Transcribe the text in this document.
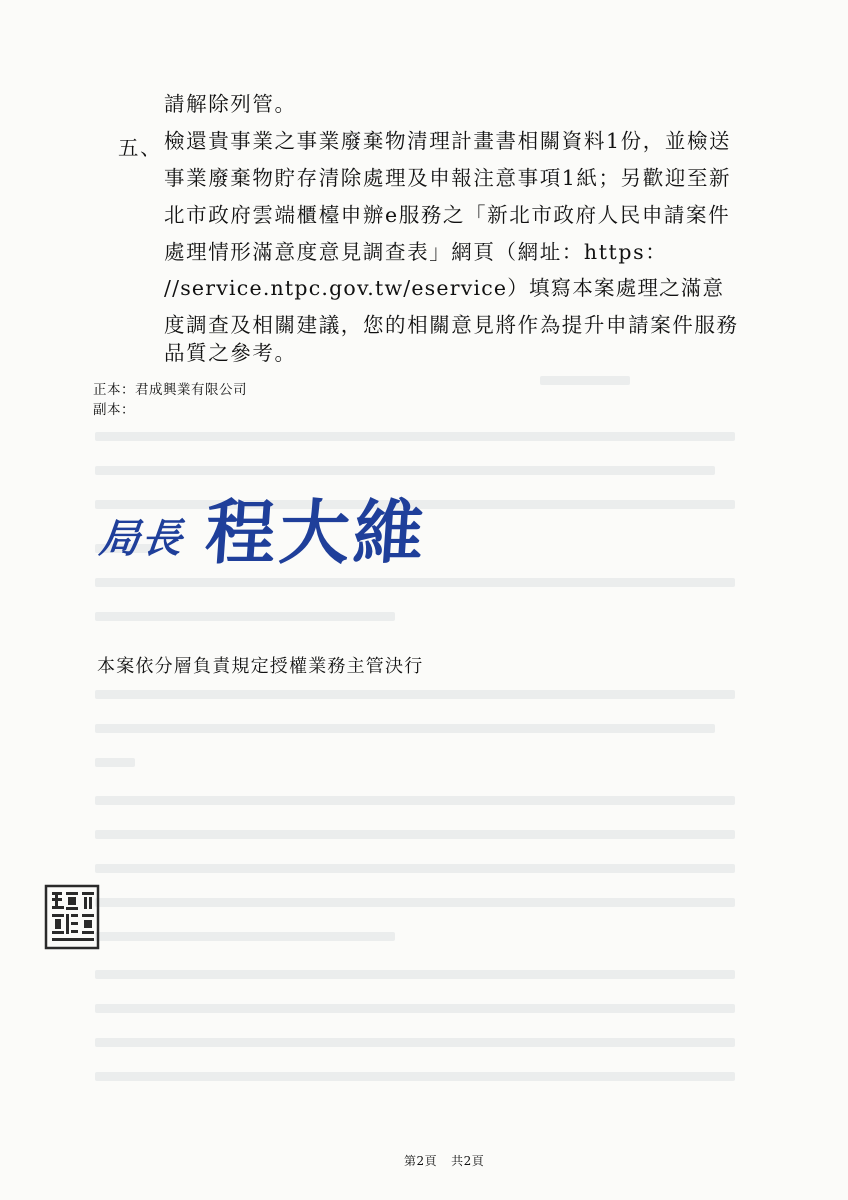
請解除列管。
五、 檢還貴事業之事業廢棄物清理計畫書相關資料1份，並檢送
事業廢棄物貯存清除處理及申報注意事項1紙；另歡迎至新
北市政府雲端櫃檯申辦e服務之「新北市政府人民申請案件
處理情形滿意度意見調查表」網頁（網址：https：
//service.ntpc.gov.tw/eservice）填寫本案處理之滿意
度調查及相關建議，您的相關意見將作為提升申請案件服務
品質之參考。
正本：君成興業有限公司
副本：
局長 程大維
本案依分層負責規定授權業務主管決行
第2頁 共2頁
